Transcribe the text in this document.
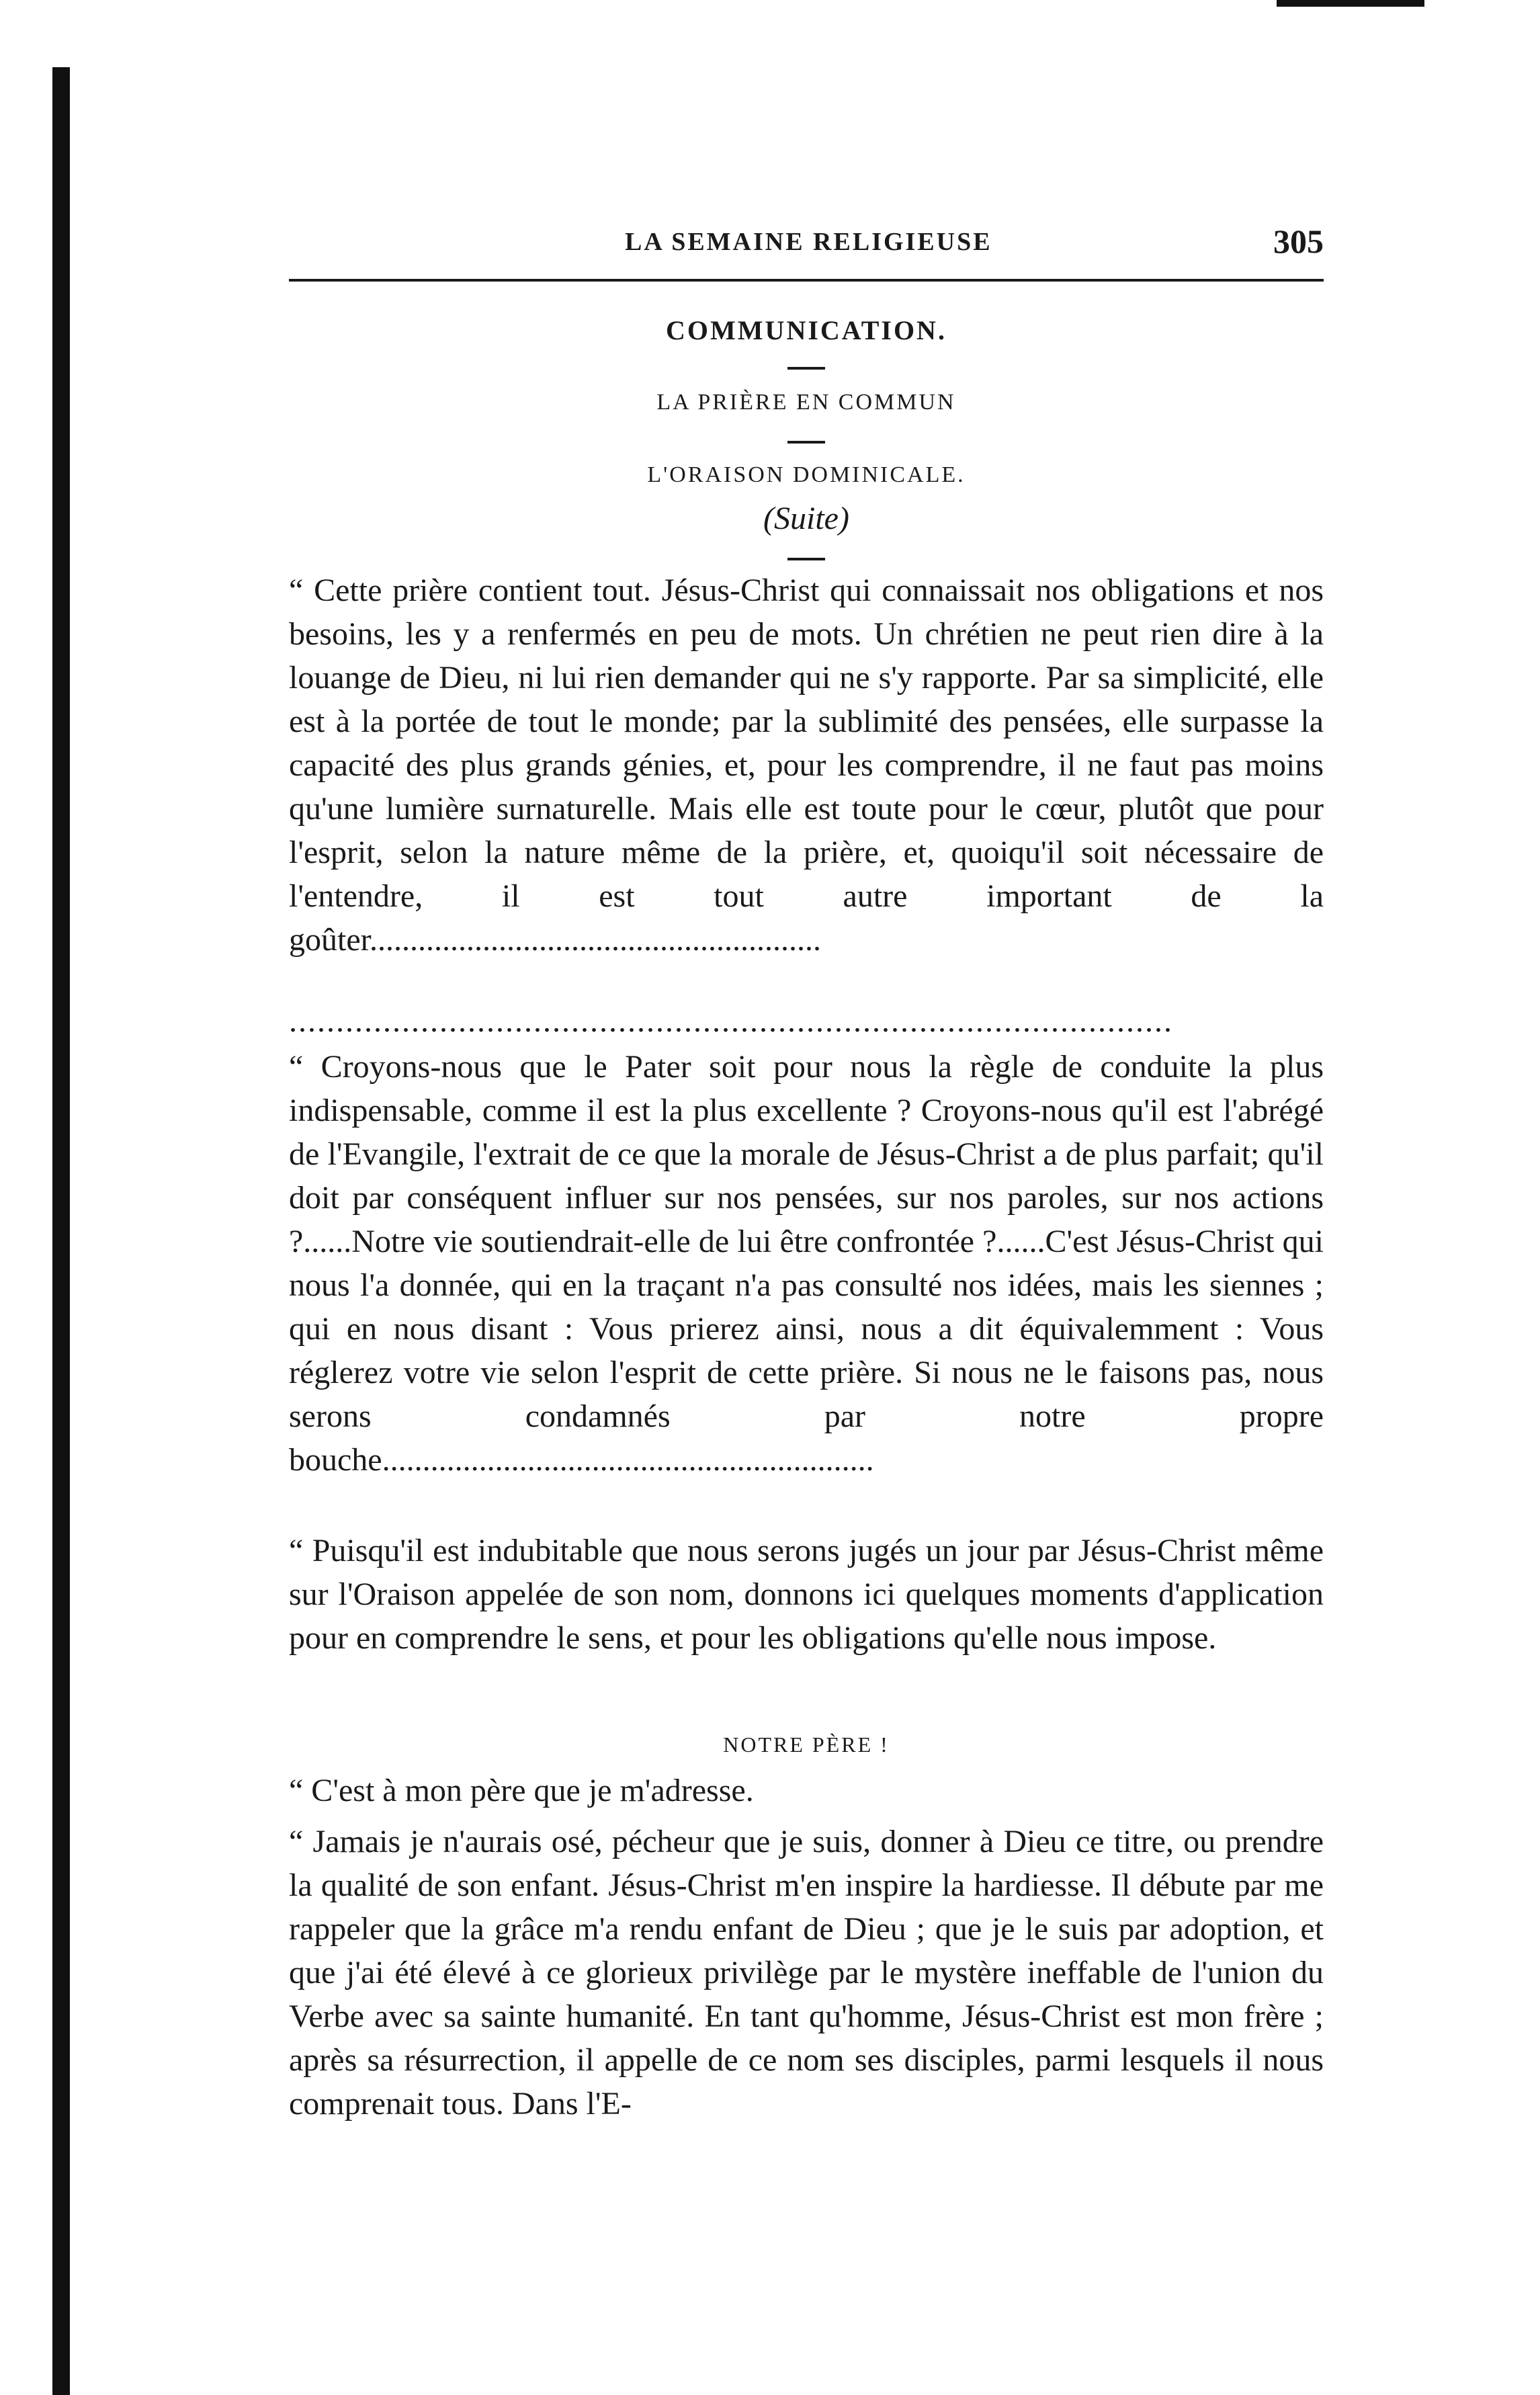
LA SEMAINE RELIGIEUSE	305
COMMUNICATION.
LA PRIÈRE EN COMMUN
L'ORAISON DOMINICALE.
(Suite)

“ Cette prière contient tout. Jésus-Christ qui connaissait nos obligations et nos besoins, les y a renfermés en peu de mots. Un chrétien ne peut rien dire à la louange de Dieu, ni lui rien demander qui ne s'y rapporte. Par sa simplicité, elle est à la portée de tout le monde; par la sublimité des pensées, elle surpasse la capacité des plus grands génies, et, pour les comprendre, il ne faut pas moins qu'une lumière surnaturelle. Mais elle est toute pour le cœur, plutôt que pour l'esprit, selon la nature même de la prière, et, quoiqu'il soit nécessaire de l'entendre, il est tout autre important de la goûter........................................................

..............................................................................................

“ Croyons-nous que le Pater soit pour nous la règle de conduite la plus indispensable, comme il est la plus excellente ? Croyons-nous qu'il est l'abrégé de l'Evangile, l'extrait de ce que la morale de Jésus-Christ a de plus parfait; qu'il doit par conséquent influer sur nos pensées, sur nos paroles, sur nos actions ?......Notre vie soutiendrait-elle de lui être confrontée ?......C'est Jésus-Christ qui nous l'a donnée, qui en la traçant n'a pas consulté nos idées, mais les siennes ; qui en nous disant : Vous prierez ainsi, nous a dit équivalemment : Vous réglerez votre vie selon l'esprit de cette prière. Si nous ne le faisons pas, nous serons condamnés par notre propre bouche.............................................................

“ Puisqu'il est indubitable que nous serons jugés un jour par Jésus-Christ même sur l'Oraison appelée de son nom, donnons ici quelques moments d'application pour en comprendre le sens, et pour les obligations qu'elle nous impose.

NOTRE PÈRE !

“ C'est à mon père que je m'adresse.

“ Jamais je n'aurais osé, pécheur que je suis, donner à Dieu ce titre, ou prendre la qualité de son enfant. Jésus-Christ m'en inspire la hardiesse. Il débute par me rappeler que la grâce m'a rendu enfant de Dieu ; que je le suis par adoption, et que j'ai été élevé à ce glorieux privilège par le mystère ineffable de l'union du Verbe avec sa sainte humanité. En tant qu'homme, Jésus-Christ est mon frère ; après sa résurrection, il appelle de ce nom ses disciples, parmi lesquels il nous comprenait tous. Dans l'E-
